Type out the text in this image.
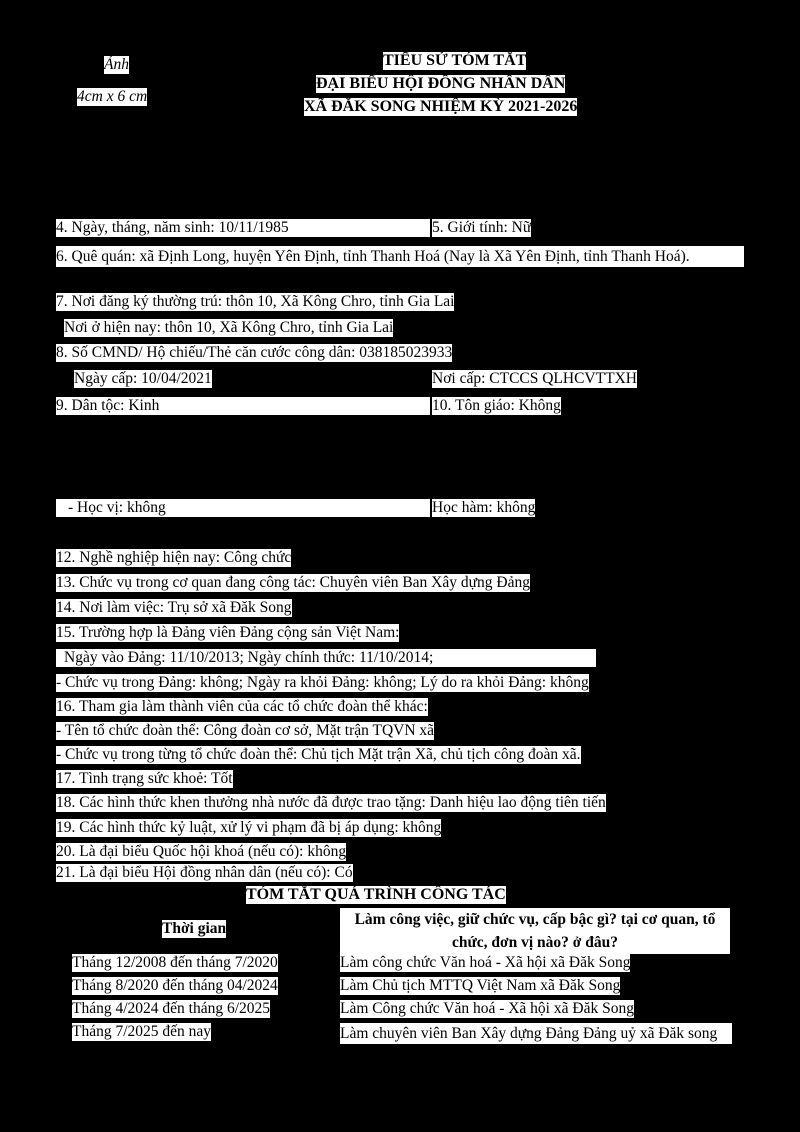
Ảnh
4cm x 6 cm
TIỂU SỬ TÓM TẮT
ĐẠI BIỂU HỘI ĐỒNG NHÂN DÂN
XÃ ĐĂK SONG NHIỆM KỲ 2021-2026
4. Ngày, tháng, năm sinh: 10/11/1985	5. Giới tính: Nữ
6. Quê quán: xã Định Long, huyện Yên Định, tỉnh Thanh Hoá (Nay là Xã Yên Định, tỉnh Thanh Hoá).
7. Nơi đăng ký thường trú: thôn 10, Xã Kông Chro, tỉnh Gia Lai
Nơi ở hiện nay: thôn 10, Xã Kông Chro, tỉnh Gia Lai
8. Số CMND/ Hộ chiếu/Thẻ căn cước công dân: 038185023933
Ngày cấp: 10/04/2021	Nơi cấp: CTCCS QLHCVTTXH
9. Dân tộc: Kinh	10. Tôn giáo: Không
- Học vị: không	Học hàm: không
12. Nghề nghiệp hiện nay: Công chức
13. Chức vụ trong cơ quan đang công tác: Chuyên viên Ban Xây dựng Đảng
14. Nơi làm việc: Trụ sở xã Đăk Song
15. Trường hợp là Đảng viên Đảng cộng sản Việt Nam:
Ngày vào Đảng: 11/10/2013; Ngày chính thức: 11/10/2014;
- Chức vụ trong Đảng: không; Ngày ra khỏi Đảng: không; Lý do ra khỏi Đảng: không
16. Tham gia làm thành viên của các tổ chức đoàn thể khác:
- Tên tổ chức đoàn thể: Công đoàn cơ sở, Mặt trận TQVN xã
- Chức vụ trong từng tổ chức đoàn thể: Chủ tịch Mặt trận Xã, chủ tịch công đoàn xã.
17. Tình trạng sức khoẻ: Tốt
18. Các hình thức khen thưởng nhà nước đã được trao tặng: Danh hiệu lao động tiên tiến
19. Các hình thức kỷ luật, xử lý vi phạm đã bị áp dụng: không
20. Là đại biểu Quốc hội khoá (nếu có): không
21. Là đại biểu Hội đồng nhân dân (nếu có): Có
TÓM TẮT QUÁ TRÌNH CÔNG TÁC
Thời gian
Làm công việc, giữ chức vụ, cấp bậc gì? tại cơ quan, tổ chức, đơn vị nào? ở đâu?
Tháng 12/2008 đến tháng 7/2020	Làm công chức Văn hoá - Xã hội xã Đăk Song
Tháng 8/2020 đến tháng 04/2024	Làm Chủ tịch MTTQ Việt Nam xã Đăk Song
Tháng 4/2024 đến tháng 6/2025	Làm Công chức Văn hoá - Xã hội xã Đăk Song
Tháng 7/2025 đến nay	Làm chuyên viên Ban Xây dựng Đảng Đảng uỷ xã Đăk song
